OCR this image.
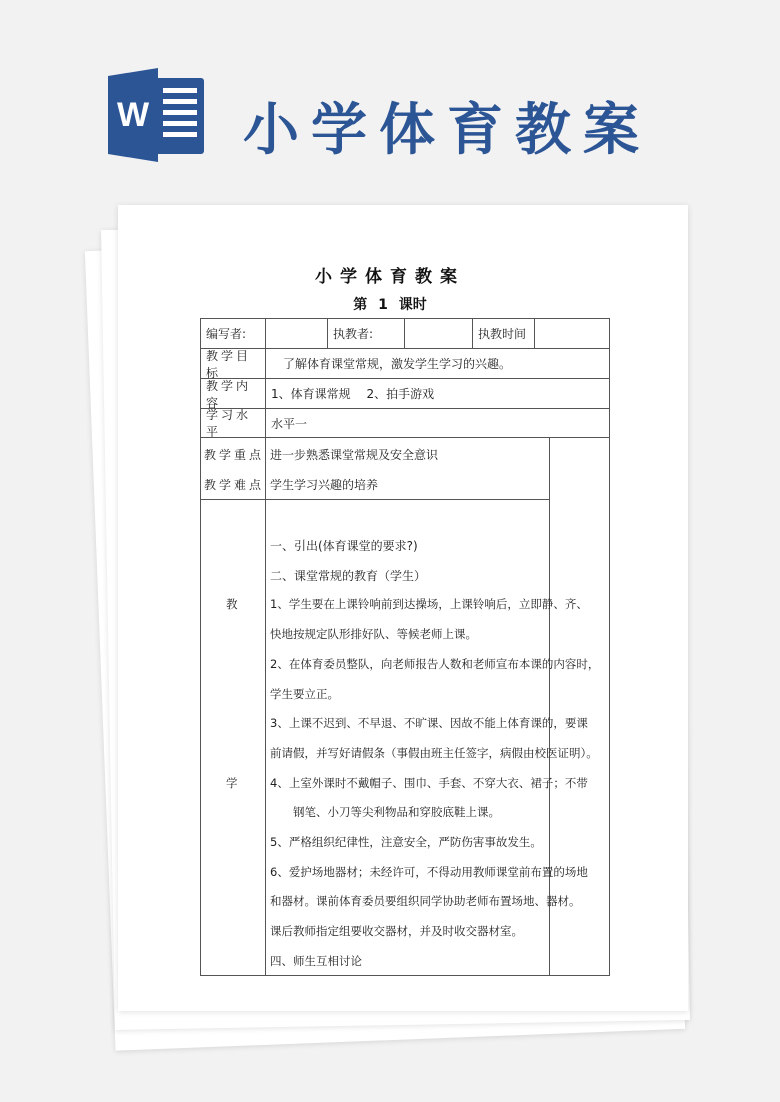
W 小学体育教案
小学体育教案
第 1 课时
编写者:	执教者:	执教时间
教学目标
　了解体育课堂常规，激发学生学习的兴趣。
教学内容
1、体育课常规　 2、拍手游戏
学习水平
水平一
教学重点 进一步熟悉课堂常规及安全意识
教学难点 学生学习兴趣的培养
教
学
一、引出(体育课堂的要求?)
二、课堂常规的教育（学生）
1、学生要在上课铃响前到达操场，上课铃响后，立即静、齐、
快地按规定队形排好队、等候老师上课。
2、在体育委员整队，向老师报告人数和老师宣布本课的内容时，
学生要立正。
3、上课不迟到、不早退、不旷课、因故不能上体育课的，要课
前请假，并写好请假条（事假由班主任签字，病假由校医证明）。
4、上室外课时不戴帽子、围巾、手套、不穿大衣、裙子；不带
　　钢笔、小刀等尖利物品和穿胶底鞋上课。
5、严格组织纪律性，注意安全，严防伤害事故发生。
6、爱护场地器材；未经许可，不得动用教师课堂前布置的场地
和器材。课前体育委员要组织同学协助老师布置场地、器材。
课后教师指定组要收交器材，并及时收交器材室。
四、师生互相讨论
